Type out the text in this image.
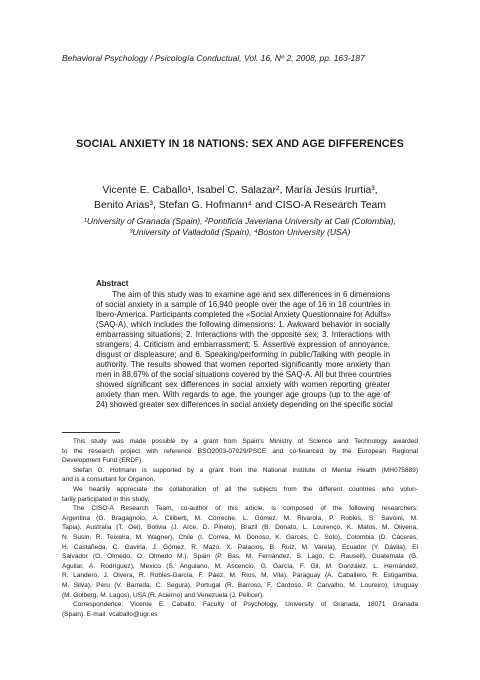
Behavioral Psychology / Psicología Conductual, Vol. 16, Nº 2, 2008, pp. 163-187
SOCIAL ANXIETY IN 18 NATIONS: SEX AND AGE DIFFERENCES
Vicente E. Caballo¹, Isabel C. Salazar², María Jesús Irurtia³,
Benito Arias³, Stefan G. Hofmann⁴ and CISO-A Research Team
¹University of Granada (Spain), ²Pontificia Javeriana University at Cali (Colombia),
³University of Valladolid (Spain), ⁴Boston University (USA)
Abstract
The aim of this study was to examine age and sex differences in 6 dimensions
of social anxiety in a sample of 16,940 people over the age of 16 in 18 countries in
Ibero-America. Participants completed the «Social Anxiety Questionnaire for Adults»
(SAQ-A), which includes the following dimensions: 1. Awkward behavior in socially
embarrassing situations; 2. Interactions with the opposite sex; 3. Interactions with
strangers; 4. Criticism and embarrassment; 5. Assertive expression of annoyance,
disgust or displeasure; and 6. Speaking/performing in public/Talking with people in
authority. The results showed that women reported significantly more anxiety than
men in 88.67% of the social situations covered by the SAQ-A. All but three countries
showed significant sex differences in social anxiety with women reporting greater
anxiety than men. With regards to age, the younger age groups (up to the age of
24) showed greater sex differences in social anxiety depending on the specific social
This study was made possible by a grant from Spain's Ministry of Science and Technology awarded
to the research project with reference BSO2003-07029/PSCE and co-financed by the European Regional
Development Fund (ERDF).
Stefan G. Hofmann is supported by a grant from the National Institute of Mental Health (MH075889)
and is a consultant for Organon.
We heartily appreciate the collaboration of all the subjects from the different countries who volun-
tarily participated in this study.
The CISO-A Research Team, co-author of this article, is composed of the following researchers:
Argentina (G. Bragagnolo, A. Ciliberti, M. Correche, L. Gómez, M. Rivarola, P. Robles, S. Savoini, M.
Tapia), Australia (T. Oei), Bolivia (J. Arce, D. Pinelo), Brazil (B. Donato, L. Lourenço, K. Matos, M. Oliveira,
N. Susin, R. Teixeira, M. Wagner), Chile (I. Correa, M. Donoso, K. Garcés, C. Soto), Colombia (D. Cáceres,
H. Castañeda, C. Gaviria, J. Gómez, R. Mazo, X. Palacios, B. Ruiz, M. Varela), Ecuador (Y. Dávila), El
Salvador (O. Olmedo, O. Olmedo M.), Spain (P. Bas, M. Fernández, S. Lago, C. Rausell), Guatemala (G.
Aguilar, A. Rodríguez), Mexico (S. Anguiano, M. Ascencio, G. García, F. Gil, M. González, L. Hernández,
R. Landero, J. Olvera, R. Robles-García, F. Páez, M. Ríos, M. Vila), Paraguay (A. Caballero, R. Estigarribia,
M. Silva), Peru (V. Barreda, C. Segura), Portugal (R. Barroso, F. Cardoso, P. Carvalho, M. Loureiro), Uruguay
(M. Golberg, M. Lagos), USA (R. Acierno) and Venezuela (J. Pellicer).
Correspondence: Vicente E. Caballo, Faculty of Psychology, University of Granada, 18071 Granada
(Spain). E-mail: vcaballo@ugr.es
